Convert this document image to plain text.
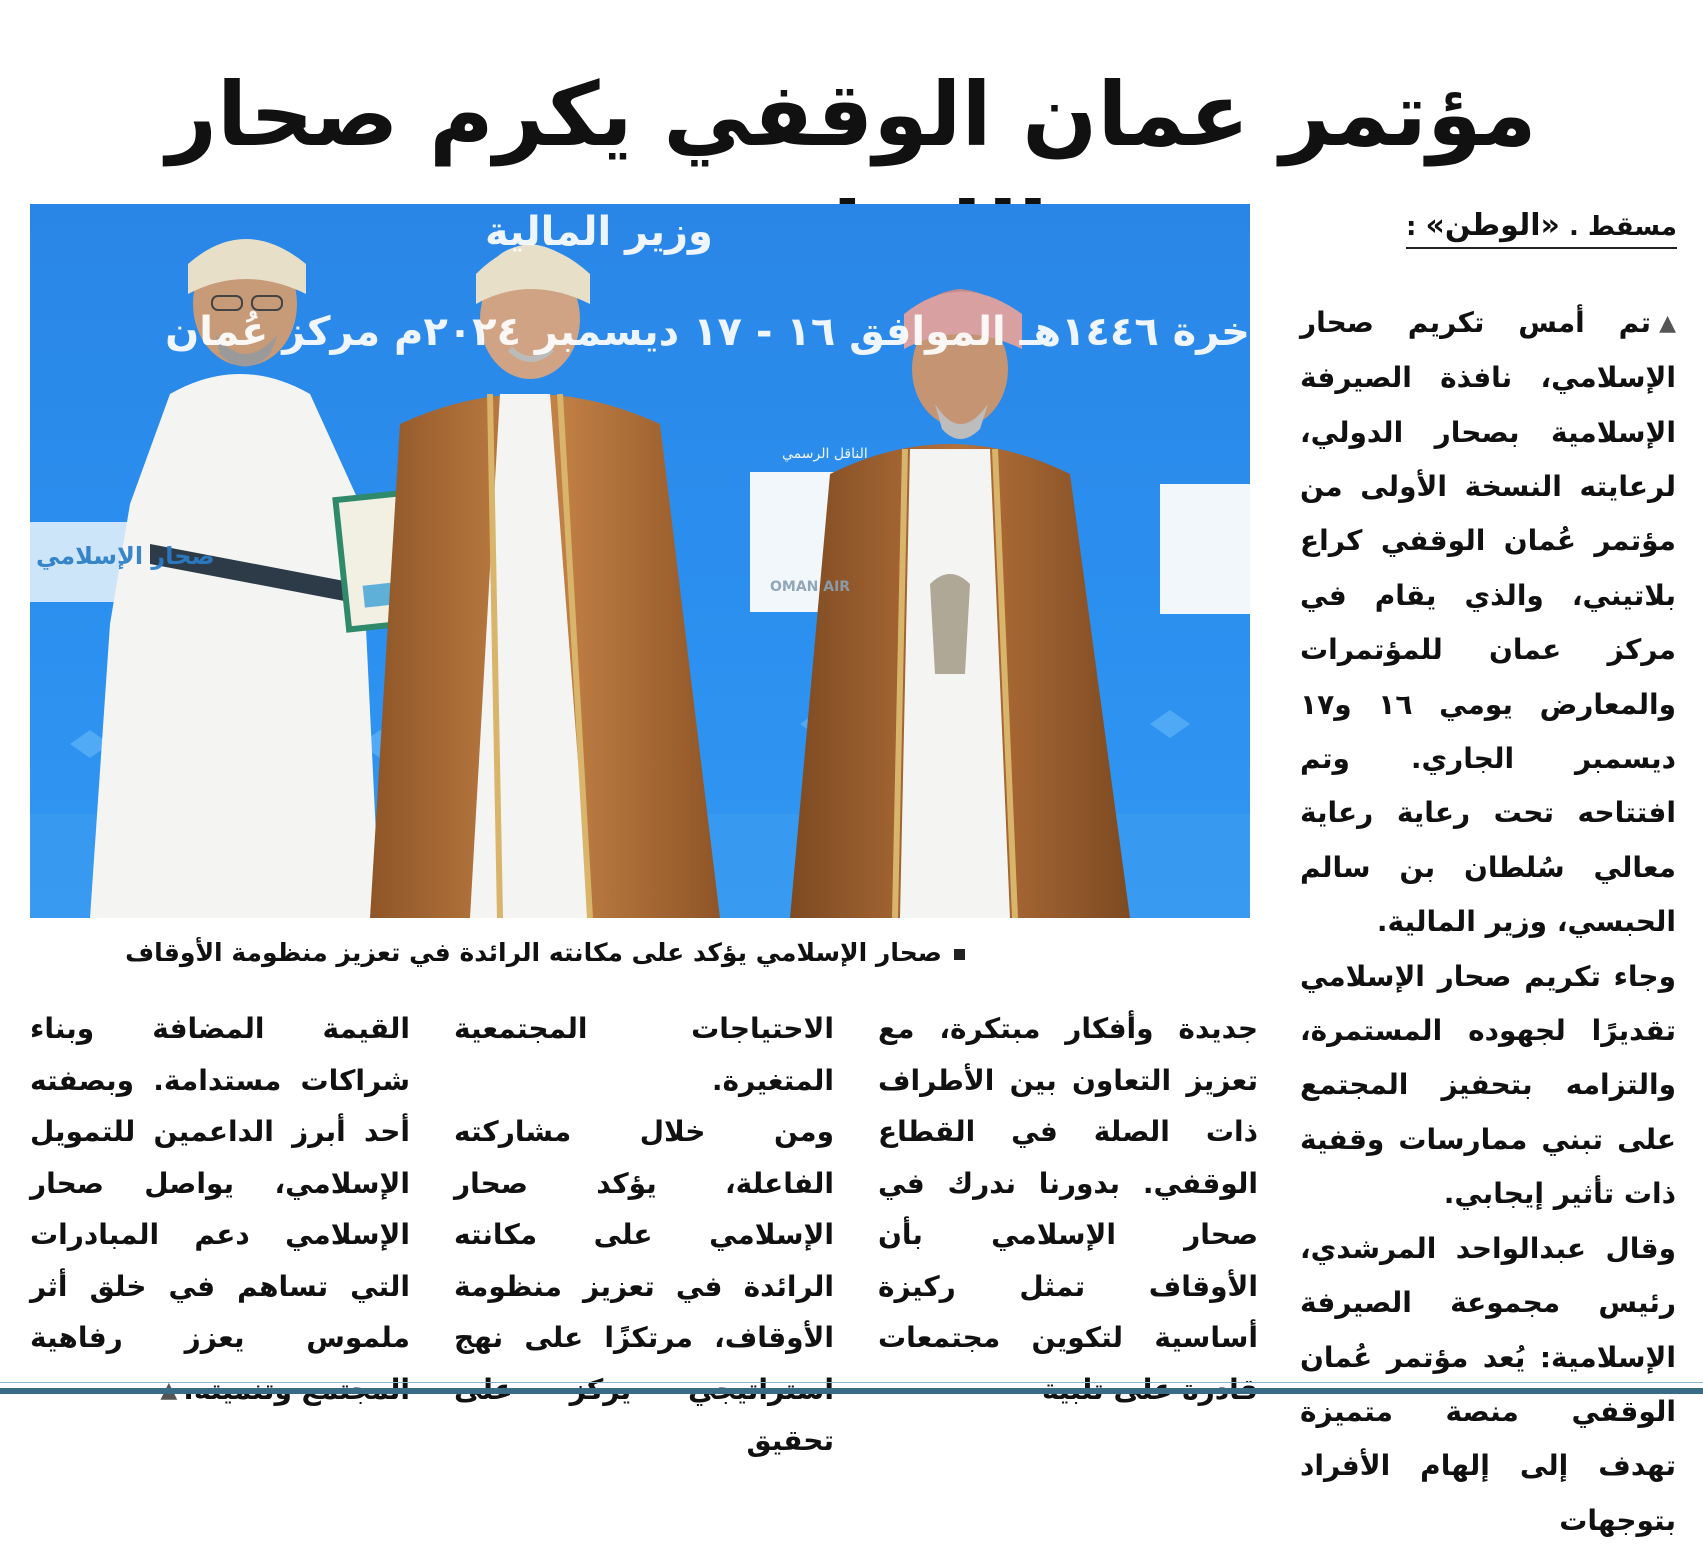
مؤتمر عمان الوقفي يكرم صحار
مسقط . «الوطن» :
وزير المالية
خرة ١٤٤٦هـ الموافق ١٦ - ١٧ ديسمبر ٢٠٢٤م مركز عُمان
صحار الإسلامي
الناقل الرسمي
OMAN AIR
صحار الإسلامي يؤكد على مكانته الرائدة في تعزيز منظومة الأوقاف

▲تم أمس تكريم صحار الإسلامي، نافذة الصيرفة الإسلامية بصحار الدولي، لرعايته النسخة الأولى من مؤتمر عُمان الوقفي كراع بلاتيني، والذي يقام في مركز عمان للمؤتمرات والمعارض يومي ١٦ و١٧ ديسمبر الجاري. وتم افتتاحه تحت رعاية رعاية معالي سُلطان بن سالم الحبسي، وزير المالية.

وجاء تكريم صحار الإسلامي تقديرًا لجهوده المستمرة، والتزامه بتحفيز المجتمع على تبني ممارسات وقفية ذات تأثير إيجابي.

وقال عبدالواحد المرشدي، رئيس مجموعة الصيرفة الإسلامية: يُعد مؤتمر عُمان الوقفي منصة متميزة تهدف إلى إلهام الأفراد بتوجهات

جديدة وأفكار مبتكرة، مع تعزيز التعاون بين الأطراف ذات الصلة في القطاع الوقفي. بدورنا ندرك في صحار الإسلامي بأن الأوقاف تمثل ركيزة أساسية لتكوين مجتمعات

الاحتياجات المجتمعية المتغيرة.

ومن خلال مشاركته الفاعلة، يؤكد صحار الإسلامي على مكانته الرائدة في تعزيز منظومة الأوقاف، مرتكزًا على نهج تحقيق

القيمة المضافة وبناء شراكات مستدامة. وبصفته أحد أبرز الداعمين للتمويل الإسلامي، يواصل صحار الإسلامي دعم المبادرات التي تساهم في خلق أثر ملموس يعزز رفاهية
